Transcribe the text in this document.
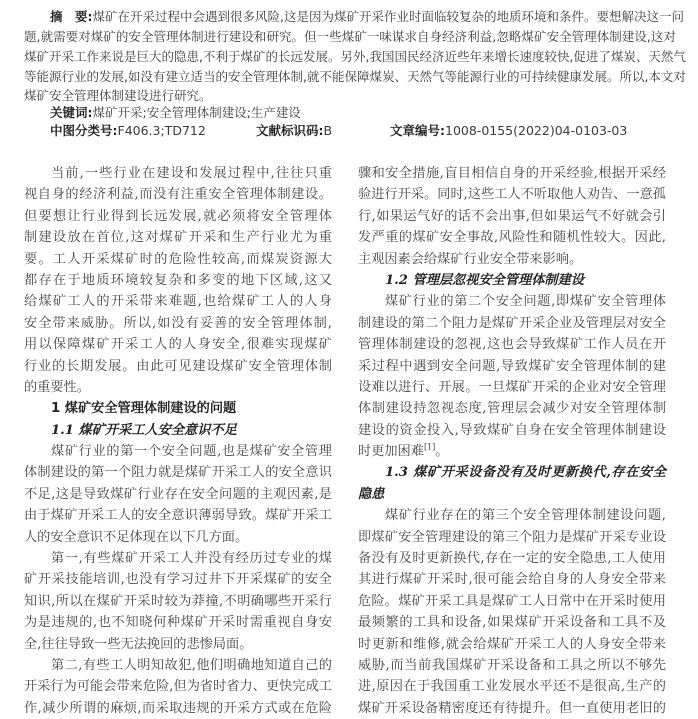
摘　要:煤矿在开采过程中会遇到很多风险,这是因为煤矿开采作业时面临较复杂的地质环境和条件。要想解决这一问
题,就需要对煤矿的安全管理体制进行建设和研究。但一些煤矿一味谋求自身经济利益,忽略煤矿安全管理体制建设,这对
煤矿开采工作来说是巨大的隐患,不利于煤矿的长远发展。另外,我国国民经济近些年来增长速度较快,促进了煤炭、天然气
等能源行业的发展,如没有建立适当的安全管理体制,就不能保障煤炭、天然气等能源行业的可持续健康发展。所以,本文对
煤矿安全管理体制建设进行研究。
关键词:煤矿开采;安全管理体制建设;生产建设
中图分类号:F406.3;TD712	文献标识码:B	文章编号:1008-0155(2022)04-0103-03
当前,一些行业在建设和发展过程中,往往只重
视自身的经济利益,而没有注重安全管理体制建设。
但要想让行业得到长远发展,就必须将安全管理体
制建设放在首位,这对煤矿开采和生产行业尤为重
要。工人开采煤矿时的危险性较高,而煤炭资源大
都存在于地质环境较复杂和多变的地下区域,这又
给煤矿工人的开采带来难题,也给煤矿工人的人身
安全带来威胁。所以,如没有妥善的安全管理体制,
用以保障煤矿开采工人的人身安全,很难实现煤矿
行业的长期发展。由此可见建设煤矿安全管理体制
的重要性。
1 煤矿安全管理体制建设的问题
1.1 煤矿开采工人安全意识不足
煤矿行业的第一个安全问题,也是煤矿安全管理
体制建设的第一个阻力就是煤矿开采工人的安全意识
不足,这是导致煤矿行业存在安全问题的主观因素,是
由于煤矿开采工人的安全意识薄弱导致。煤矿开采工
人的安全意识不足体现在以下几方面。
第一,有些煤矿开采工人并没有经历过专业的煤
矿开采技能培训,也没有学习过井下开采煤矿的安全
知识,所以在煤矿开采时较为莽撞,不明确哪些开采行
为是违规的,也不知晓何种煤矿开采时需重视自身安
全,往往导致一些无法挽回的悲惨局面。
第二,有些工人明知故犯,他们明确地知道自己的
开采行为可能会带来危险,但为省时省力、更快完成工
作,减少所谓的麻烦,而采取违规的开采方式或在危险
骤和安全措施,盲目相信自身的开采经验,根据开采经
验进行开采。同时,这些工人不听取他人劝告、一意孤
行,如果运气好的话不会出事,但如果运气不好就会引
发严重的煤矿安全事故,风险性和随机性较大。因此,
主观因素会给煤矿行业安全带来影响。
1.2 管理层忽视安全管理体制建设
煤矿行业的第二个安全问题,即煤矿安全管理体
制建设的第二个阻力是煤矿开采企业及管理层对安全
管理体制建设的忽视,这也会导致煤矿工作人员在开
采过程中遇到安全问题,导致煤矿安全管理体制的建
设难以进行、开展。一旦煤矿开采的企业对安全管理
体制建设持忽视态度,管理层会减少对安全管理体制
建设的资金投入,导致煤矿自身在安全管理体制建设
时更加困难[1]。
1.3 煤矿开采设备没有及时更新换代,存在安全
隐患
煤矿行业存在的第三个安全管理体制建设问题,
即煤矿安全管理建设的第三个阻力是煤矿开采专业设
备没有及时更新换代,存在一定的安全隐患,工人使用
其进行煤矿开采时,很可能会给自身的人身安全带来
危险。煤矿开采工具是煤矿工人日常中在开采时使用
最频繁的工具和设备,如果煤矿开采设备和工具不及
时更新和维修,就会给煤矿开采工人的人身安全带来
威胁,而当前我国煤矿开采设备和工具之所以不够先
进,原因在于我国重工业发展水平还不是很高,生产的
煤矿开采设备精密度还有待提升。但一直使用老旧的
